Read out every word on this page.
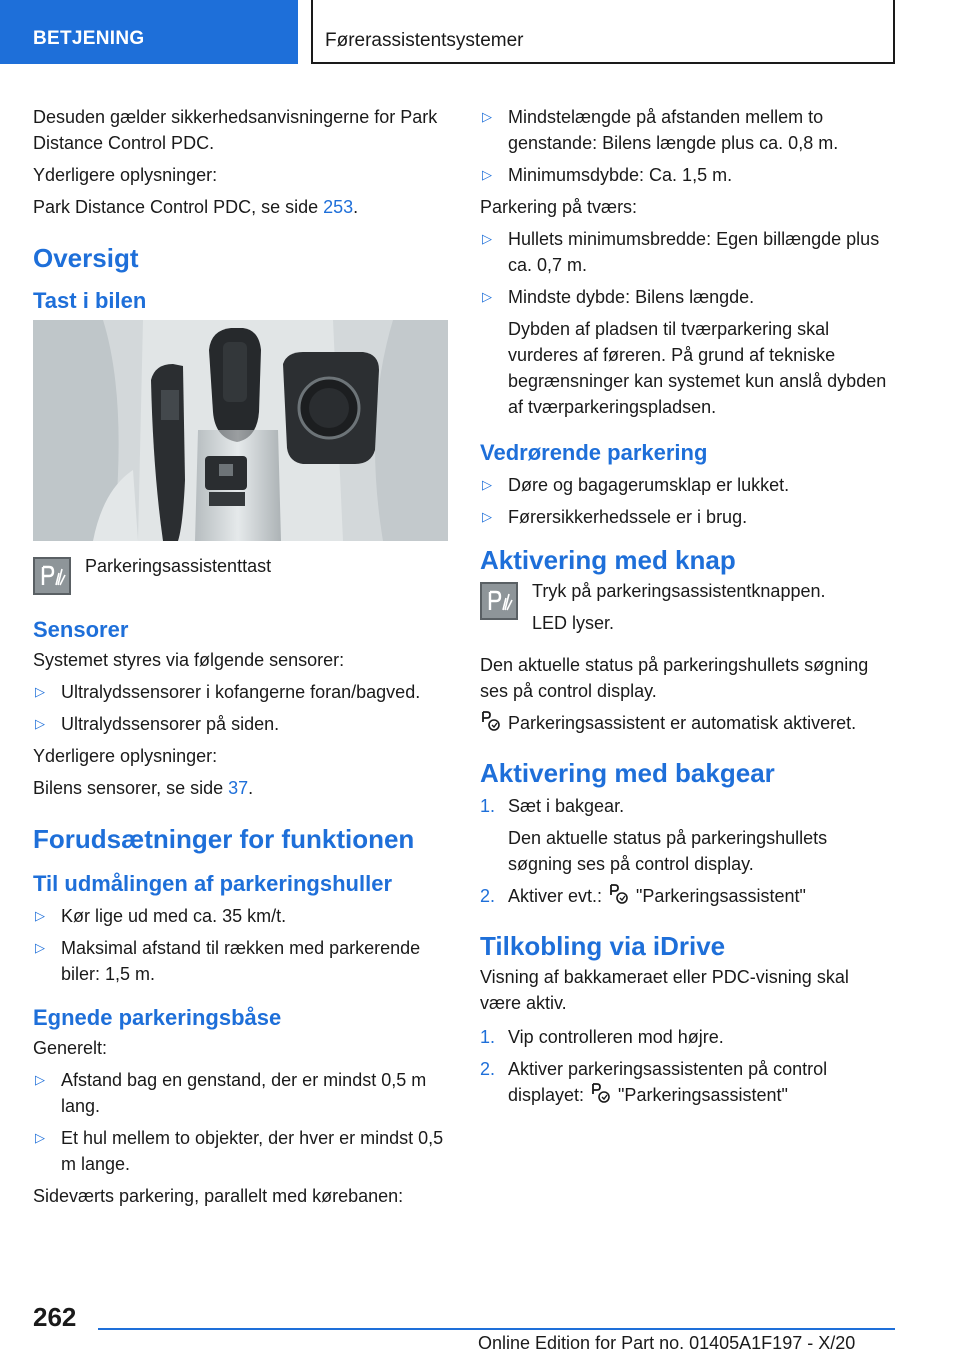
BETJENING	Førerassistentsystemer

Desuden gælder sikkerhedsanvisningerne for Park Distance Control PDC.

Yderligere oplysninger:

Park Distance Control PDC, se side 253.

Oversigt
Tast i bilen

Parkeringsassistenttast

Sensorer

Systemet styres via følgende sensorer:

▷ Ultralydssensorer i kofangerne foran/bagved.
▷ Ultralydssensorer på siden.

Yderligere oplysninger:

Bilens sensorer, se side 37.

Forudsætninger for funktionen
Til udmålingen af parkeringshuller
▷ Kør lige ud med ca. 35 km/t.
▷ Maksimal afstand til rækken med parkerende biler: 1,5 m.
Egnede parkeringsbåse

Generelt:

▷ Afstand bag en genstand, der er mindst 0,5 m lang.
▷ Et hul mellem to objekter, der hver er mindst 0,5 m lange.

Sideværts parkering, parallelt med kørebanen:

▷ Mindstelængde på afstanden mellem to genstande: Bilens længde plus ca. 0,8 m.
▷ Minimumsdybde: Ca. 1,5 m.

Parkering på tværs:

▷ Hullets minimumsbredde: Egen billængde plus ca. 0,7 m.
▷ Mindste dybde: Bilens længde.
Dybden af pladsen til tværparkering skal vurderes af føreren. På grund af tekniske begrænsninger kan systemet kun anslå dybden af tværparkeringspladsen.
Vedrørende parkering
▷ Døre og bagagerumsklap er lukket.
▷ Førersikkerhedssele er i brug.
Aktivering med knap

Tryk på parkeringsassistentknappen.

LED lyser.

Den aktuelle status på parkeringshullets søgning ses på control display.

Parkeringsassistent er automatisk aktiveret.

Aktivering med bakgear
1. Sæt i bakgear.
Den aktuelle status på parkeringshullets søgning ses på control display.
2. Aktiver evt.: "Parkeringsassistent"
Tilkobling via iDrive

Visning af bakkameraet eller PDC-visning skal være aktiv.

1. Vip controlleren mod højre.
2. Aktiver parkeringsassistenten på control displayet: "Parkeringsassistent"
262
Online Edition for Part no. 01405A1F197 - X/20
